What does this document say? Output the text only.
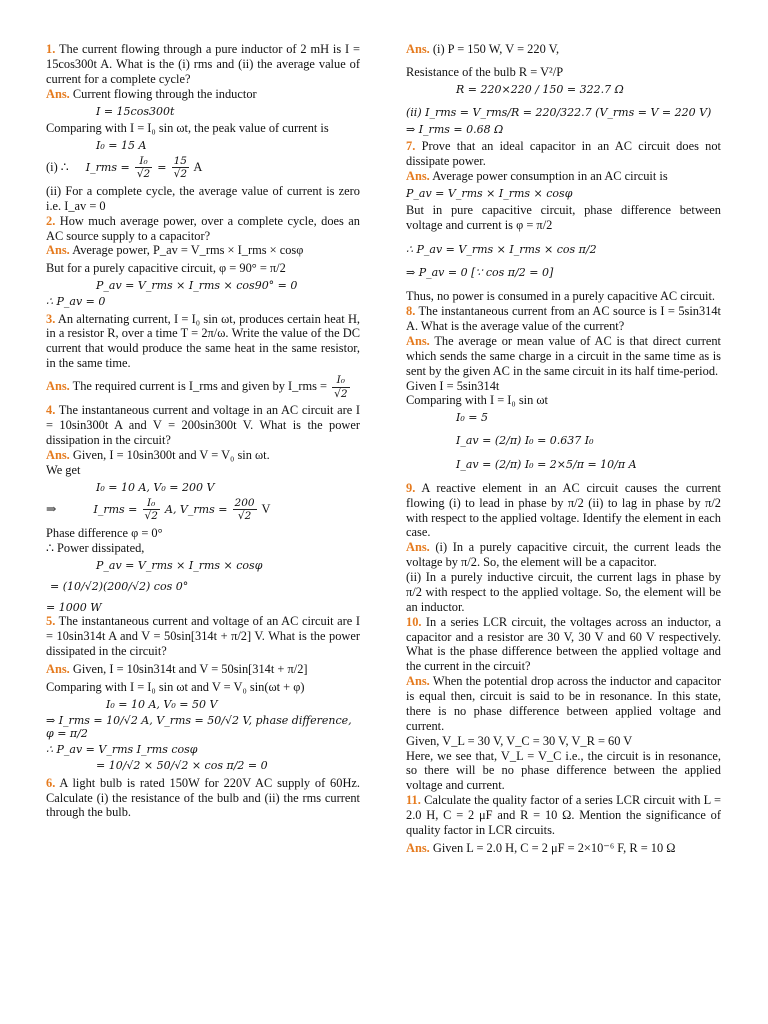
1. The current flowing through a pure inductor of 2 mH is I = 15cos300t A. What is the (i) rms and (ii) the average value of current for a complete cycle?

Ans. Current flowing through the inductor

I = 15cos300t

Comparing with I = I₀ sin ωt, the peak value of current is

I₀ = 15 A

(i) ∴ I_rms = $\frac{\text{I₀}}{√2} = \frac{15}{√2}$ A

(ii) For a complete cycle, the average value of current is zero i.e. I_av = 0

2. How much average power, over a complete cycle, does an AC source supply to a capacitor?

Ans. Average power, P_av = V_rms × I_rms × cosφ

But for a purely capacitive circuit, φ = 90° = π/2

P_av = V_rms × I_rms × cos90° = 0

∴ P_av = 0

3. An alternating current, I = I₀ sin ωt, produces certain heat H, in a resistor R, over a time T = 2π/ω. Write the value of the DC current that would produce the same heat in the same resistor, in the same time.

Ans. The required current is I_rms and given by I_rms = $\frac{\text{I₀}}{√2}$

4. The instantaneous current and voltage in an AC circuit are I = 10sin300t A and V = 200sin300t V. What is the power dissipation in the circuit?

Ans. Given, I = 10sin300t and V = V₀ sin ωt.

We get

I₀ = 10 A, V₀ = 200 V

⇒	I_rms = $\frac{\text{I₀}}{√2} A$, V_rms = $\frac{200}{√2}$ V

Phase difference φ = 0°

∴ Power dissipated,

P_av = V_rms × I_rms × cosφ

= (10/√2)(200/√2) cos 0°

= 1000 W

5. The instantaneous current and voltage of an AC circuit are I = 10sin314t A and V = 50sin[314t + π/2] V. What is the power dissipated in the circuit?

Ans. Given, I = 10sin314t and V = 50sin[314t + π/2]

Comparing with I = I₀ sin ωt and V = V₀ sin(ωt + φ)

I₀ = 10 A, V₀ = 50 V

⇒ I_rms = 10/√2 A, V_rms = 50/√2 V, phase difference, φ = π/2

∴ P_av = V_rms I_rms cosφ

= 10/√2 × 50/√2 × cos π/2 = 0

6. A light bulb is rated 150W for 220V AC supply of 60Hz. Calculate (i) the resistance of the bulb and (ii) the rms current through the bulb.

Ans. (i) P = 150 W, V = 220 V,

Resistance of the bulb R = V²/P

R = 220×220 / 150 = 322.7 Ω

(ii) I_rms = V_rms/R = 220/322.7 (V_rms = V = 220 V)

⇒ I_rms = 0.68 Ω

7. Prove that an ideal capacitor in an AC circuit does not dissipate power.

Ans. Average power consumption in an AC circuit is

P_av = V_rms × I_rms × cosφ

But in pure capacitive circuit, phase difference between voltage and current is φ = π/2

∴ P_av = V_rms × I_rms × cos π/2

⇒ P_av = 0 [∵ cos π/2 = 0]

Thus, no power is consumed in a purely capacitive AC circuit.

8. The instantaneous current from an AC source is I = 5sin314t A. What is the average value of the current?

Ans. The average or mean value of AC is that direct current which sends the same charge in a circuit in the same time as is sent by the given AC in the same circuit in its half time-period.

Given I = 5sin314t

Comparing with I = I₀ sin ωt

I₀ = 5

I_av = (2/π) I₀ = 0.637 I₀

I_av = (2/π) I₀ = 2×5/π = 10/π A

9. A reactive element in an AC circuit causes the current flowing (i) to lead in phase by π/2 (ii) to lag in phase by π/2 with respect to the applied voltage. Identify the element in each case.

Ans. (i) In a purely capacitive circuit, the current leads the voltage by π/2. So, the element will be a capacitor.

(ii) In a purely inductive circuit, the current lags in phase by π/2 with respect to the applied voltage. So, the element will be an inductor.

10. In a series LCR circuit, the voltages across an inductor, a capacitor and a resistor are 30 V, 30 V and 60 V respectively. What is the phase difference between the applied voltage and the current in the circuit?

Ans. When the potential drop across the inductor and capacitor is equal then, circuit is said to be in resonance. In this state, there is no phase difference between applied voltage and current.

Given, V_L = 30 V, V_C = 30 V, V_R = 60 V

Here, we see that, V_L = V_C i.e., the circuit is in resonance, so there will be no phase difference between the applied voltage and current.

11. Calculate the quality factor of a series LCR circuit with L = 2.0 H, C = 2 μF and R = 10 Ω. Mention the significance of quality factor in LCR circuits.

Ans. Given L = 2.0 H, C = 2 μF = 2×10⁻⁶ F, R = 10 Ω
